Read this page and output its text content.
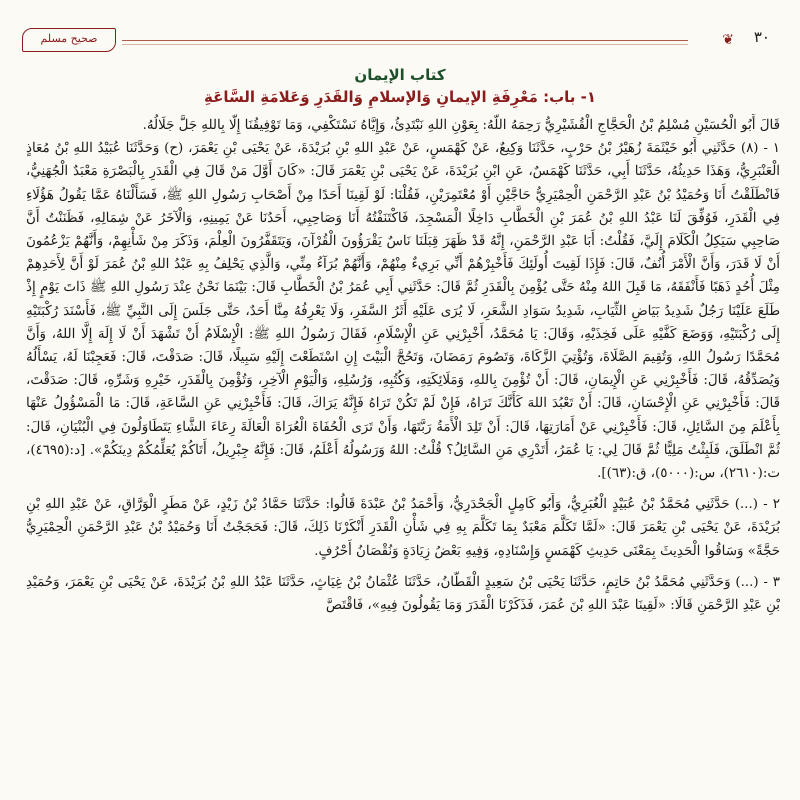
٣٠
❦
صحيح مسلم
كتاب الإيمان
١- باب: مَعْرِفَةِ الإيمانِ وَالإسلامِ وَالقَدَرِ وَعَلامَةِ السَّاعَةِ

قَالَ أَبُو الْحُسَيْنِ مُسْلِمُ بْنُ الْحَجَّاجِ الْقُشَيْرِيُّ رَحِمَهُ اللَّهُ: بِعَوْنِ اللهِ نَبْتَدِئُ، وَإِيَّاهُ نَسْتَكْفِي، وَمَا تَوْفِيقُنَا إِلَّا بِاللهِ جَلَّ جَلَالُهُ.

١ - (٨) حَدَّثَنِي أَبُو خَيْثَمَةَ زُهَيْرُ بْنُ حَرْبٍ، حَدَّثَنَا وَكِيعٌ، عَنْ كَهْمَسٍ، عَنْ عَبْدِ اللهِ بْنِ بُرَيْدَةَ، عَنْ يَحْيَى بْنِ يَعْمَرَ، (ح) وَحَدَّثَنَا عُبَيْدُ اللهِ بْنُ مُعَاذٍ الْعَنْبَرِيُّ، وَهَذَا حَدِيثُهُ، حَدَّثَنَا أَبِي، حَدَّثَنَا كَهْمَسٌ، عَنِ ابْنِ بُرَيْدَةَ، عَنْ يَحْيَى بْنِ يَعْمَرَ قَالَ: «كَانَ أَوَّلَ مَنْ قَالَ فِي الْقَدَرِ بِالْبَصْرَةِ مَعْبَدٌ الْجُهَنِيُّ، فَانْطَلَقْتُ أَنَا وَحُمَيْدُ بْنُ عَبْدِ الرَّحْمَنِ الْحِمْيَرِيُّ حَاجَّيْنِ أَوْ مُعْتَمِرَيْنِ، فَقُلْنَا: لَوْ لَقِينَا أَحَدًا مِنْ أَصْحَابِ رَسُولِ اللهِ ﷺ، فَسَأَلْنَاهُ عَمَّا يَقُولُ هَؤُلَاءِ فِي الْقَدَرِ، فَوُفِّقَ لَنَا عَبْدُ اللهِ بْنُ عُمَرَ بْنِ الْخَطَّابِ دَاخِلًا الْمَسْجِدَ، فَاكْتَنَفْتُهُ أَنَا وَصَاحِبِي، أَحَدُنَا عَنْ يَمِينِهِ، وَالْآخَرُ عَنْ شِمَالِهِ، فَظَنَنْتُ أَنَّ صَاحِبِي سَيَكِلُ الْكَلَامَ إِلَيَّ، فَقُلْتُ: أَبَا عَبْدِ الرَّحْمَنِ، إِنَّهُ قَدْ ظَهَرَ قِبَلَنَا نَاسٌ يَقْرَؤُونَ الْقُرْآنَ، وَيَتَقَفَّرُونَ الْعِلْمَ، وَذَكَرَ مِنْ شَأْنِهِمْ، وَأَنَّهُمْ يَزْعُمُونَ أَنْ لَا قَدَرَ، وَأَنَّ الْأَمْرَ أُنُفٌ، قَالَ: فَإِذَا لَقِيتَ أُولَئِكَ فَأَخْبِرْهُمْ أَنِّي بَرِيءٌ مِنْهُمْ، وَأَنَّهُمْ بُرَآءُ مِنِّي، وَالَّذِي يَحْلِفُ بِهِ عَبْدُ اللهِ بْنُ عُمَرَ لَوْ أَنَّ لِأَحَدِهِمْ مِثْلَ أُحُدٍ ذَهَبًا فَأَنْفَقَهُ، مَا قَبِلَ اللهُ مِنْهُ حَتَّى يُؤْمِنَ بِالْقَدَرِ ثُمَّ قَالَ: حَدَّثَنِي أَبِي عُمَرُ بْنُ الْخَطَّابِ قَالَ: بَيْنَمَا نَحْنُ عِنْدَ رَسُولِ اللهِ ﷺ ذَاتَ يَوْمٍ إِذْ طَلَعَ عَلَيْنَا رَجُلٌ شَدِيدُ بَيَاضِ الثِّيَابِ، شَدِيدُ سَوَادِ الشَّعَرِ، لَا يُرَى عَلَيْهِ أَثَرُ السَّفَرِ، وَلَا يَعْرِفُهُ مِنَّا أَحَدٌ، حَتَّى جَلَسَ إِلَى النَّبِيِّ ﷺ، فَأَسْنَدَ رُكْبَتَيْهِ إِلَى رُكْبَتَيْهِ، وَوَضَعَ كَفَّيْهِ عَلَى فَخِذَيْهِ، وَقَالَ: يَا مُحَمَّدُ، أَخْبِرْنِي عَنِ الْإِسْلَامِ، فَقَالَ رَسُولُ اللهِ ﷺ: الْإِسْلَامُ أَنْ تَشْهَدَ أَنْ لَا إِلَهَ إِلَّا اللهُ، وَأَنَّ مُحَمَّدًا رَسُولُ اللهِ، وَتُقِيمَ الصَّلَاةَ، وَتُؤْتِيَ الزَّكَاةَ، وَتَصُومَ رَمَضَانَ، وَتَحُجَّ الْبَيْتَ إِنِ اسْتَطَعْتَ إِلَيْهِ سَبِيلًا، قَالَ: صَدَقْتَ، قَالَ: فَعَجِبْنَا لَهُ، يَسْأَلُهُ وَيُصَدِّقُهُ، قَالَ: فَأَخْبِرْنِي عَنِ الْإِيمَانِ، قَالَ: أَنْ تُؤْمِنَ بِاللهِ، وَمَلَائِكَتِهِ، وَكُتُبِهِ، وَرُسُلِهِ، وَالْيَوْمِ الْآخِرِ، وَتُؤْمِنَ بِالْقَدَرِ، خَيْرِهِ وَشَرِّهِ، قَالَ: صَدَقْتَ، قَالَ: فَأَخْبِرْنِي عَنِ الْإِحْسَانِ، قَالَ: أَنْ تَعْبُدَ اللهَ كَأَنَّكَ تَرَاهُ، فَإِنْ لَمْ تَكُنْ تَرَاهُ فَإِنَّهُ يَرَاكَ، قَالَ: فَأَخْبِرْنِي عَنِ السَّاعَةِ، قَالَ: مَا الْمَسْؤُولُ عَنْهَا بِأَعْلَمَ مِنَ السَّائِلِ، قَالَ: فَأَخْبِرْنِي عَنْ أَمَارَتِهَا، قَالَ: أَنْ تَلِدَ الْأَمَةُ رَبَّتَهَا، وَأَنْ تَرَى الْحُفَاةَ الْعُرَاةَ الْعَالَةَ رِعَاءَ الشَّاءِ يَتَطَاوَلُونَ فِي الْبُنْيَانِ، قَالَ: ثُمَّ انْطَلَقَ، فَلَبِثْتُ مَلِيًّا ثُمَّ قَالَ لِي: يَا عُمَرُ، أَتَدْرِي مَنِ السَّائِلُ؟ قُلْتُ: اللهُ وَرَسُولُهُ أَعْلَمُ، قَالَ: فَإِنَّهُ جِبْرِيلُ، أَتَاكُمْ يُعَلِّمُكُمْ دِينَكُمْ». [د:(٤٦٩٥)، ت:(٢٦١٠)، س:(٥٠٠٠)، ق:(٦٣)].

٢ - (...) حَدَّثَنِي مُحَمَّدُ بْنُ عُبَيْدٍ الْغُبَرِيُّ، وَأَبُو كَامِلٍ الْجَحْدَرِيُّ، وَأَحْمَدُ بْنُ عَبْدَةَ قَالُوا: حَدَّثَنَا حَمَّادُ بْنُ زَيْدٍ، عَنْ مَطَرٍ الْوَرَّاقِ، عَنْ عَبْدِ اللهِ بْنِ بُرَيْدَةَ، عَنْ يَحْيَى بْنِ يَعْمَرَ قَالَ: «لَمَّا تَكَلَّمَ مَعْبَدٌ بِمَا تَكَلَّمَ بِهِ فِي شَأْنِ الْقَدَرِ أَنْكَرْنَا ذَلِكَ، قَالَ: فَحَجَجْتُ أَنَا وَحُمَيْدُ بْنُ عَبْدِ الرَّحْمَنِ الْحِمْيَرِيُّ حَجَّةً» وَسَاقُوا الْحَدِيثَ بِمَعْنَى حَدِيثِ كَهْمَسٍ وَإِسْنَادِهِ، وَفِيهِ بَعْضُ زِيَادَةٍ وَنُقْصَانُ أَحْرُفٍ.

٣ - (...) وَحَدَّثَنِي مُحَمَّدُ بْنُ حَاتِمٍ، حَدَّثَنَا يَحْيَى بْنُ سَعِيدٍ الْقَطَّانُ، حَدَّثَنَا عُثْمَانُ بْنُ غِيَاثٍ، حَدَّثَنَا عَبْدُ اللهِ بْنُ بُرَيْدَةَ، عَنْ يَحْيَى بْنِ يَعْمَرَ، وَحُمَيْدِ بْنِ عَبْدِ الرَّحْمَنِ قَالَا: «لَقِينَا عَبْدَ اللهِ بْنَ عُمَرَ، فَذَكَرْنَا الْقَدَرَ وَمَا يَقُولُونَ فِيهِ»، فَاقْتَصَّ
